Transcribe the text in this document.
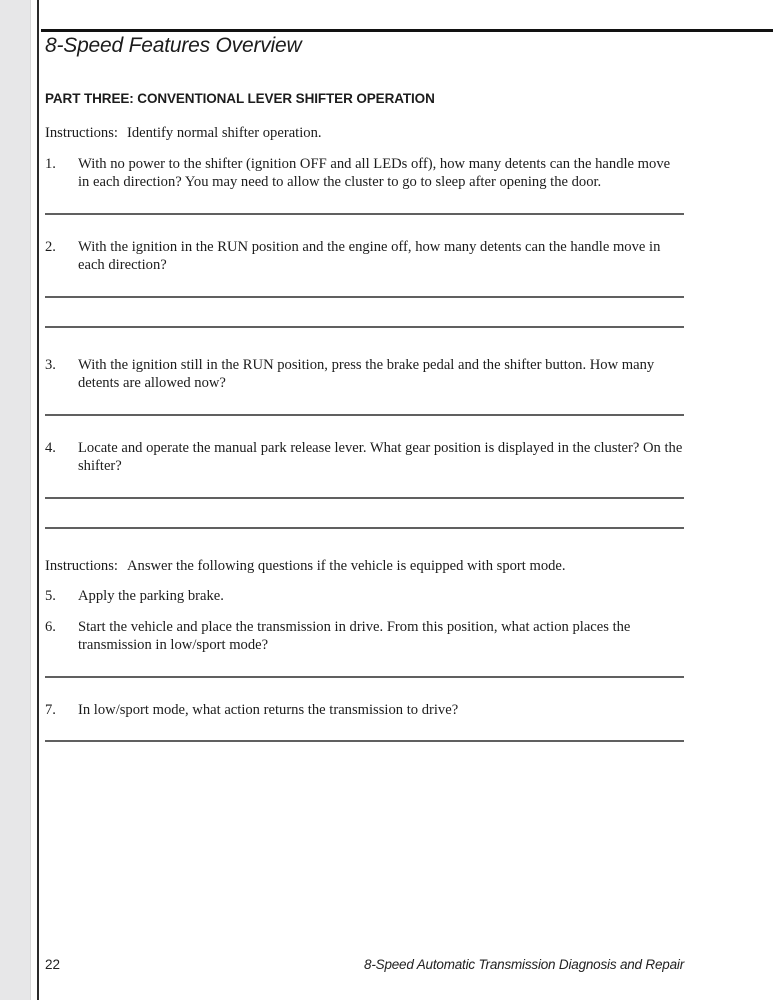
8-Speed Features Overview
PART THREE: CONVENTIONAL LEVER SHIFTER OPERATION
Instructions: Identify normal shifter operation.
1.	With no power to the shifter (ignition OFF and all LEDs off), how many detents can the handle move in each direction? You may need to allow the cluster to go to sleep after opening the door.
2.	With the ignition in the RUN position and the engine off, how many detents can the handle move in each direction?
3.	With the ignition still in the RUN position, press the brake pedal and the shifter button. How many detents are allowed now?
4.	Locate and operate the manual park release lever. What gear position is displayed in the cluster? On the shifter?
Instructions: Answer the following questions if the vehicle is equipped with sport mode.
5.	Apply the parking brake.
6.	Start the vehicle and place the transmission in drive. From this position, what action places the transmission in low/sport mode?
7.	In low/sport mode, what action returns the transmission to drive?
22	8-Speed Automatic Transmission Diagnosis and Repair
